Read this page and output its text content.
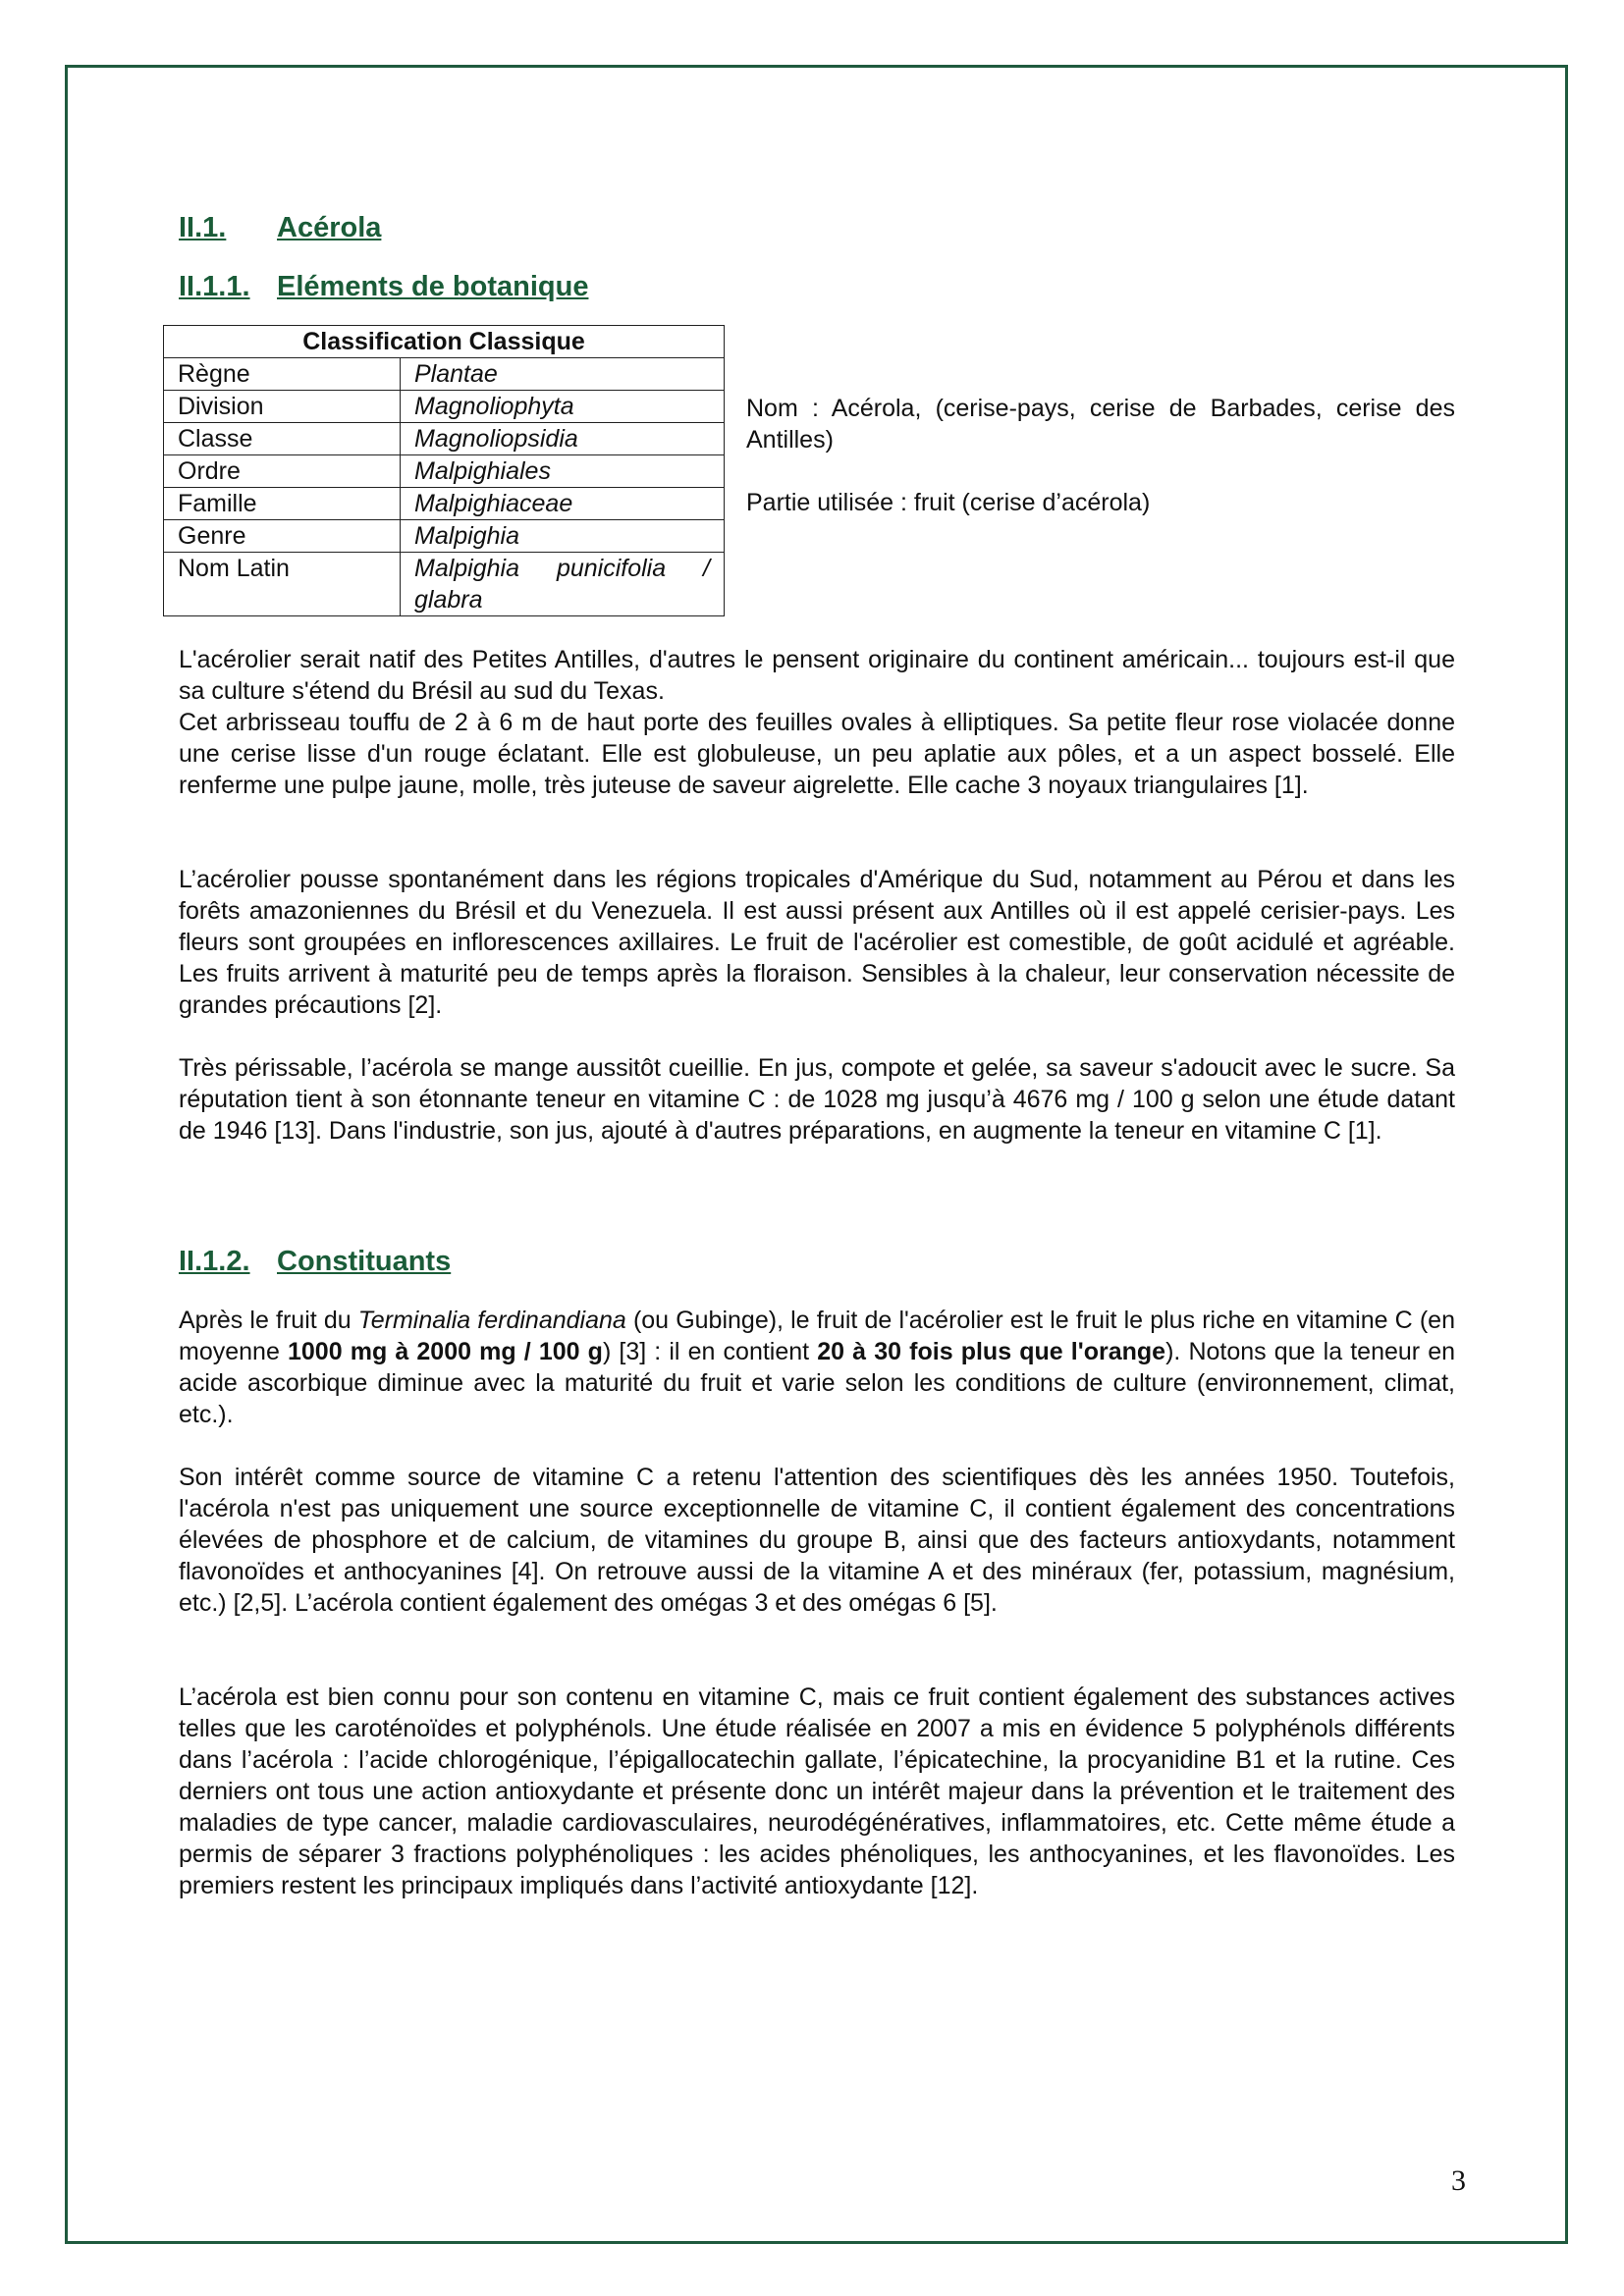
II.1. Acérola
II.1.1. Eléments de botanique
Classification Classique	
Règne	Plantae
Division	Magnoliophyta
Classe	Magnoliopsidia
Ordre	Malpighiales
Famille	Malpighiaceae
Genre	Malpighia
Nom Latin	Malpighia punicifolia /
glabra

Nom : Acérola, (cerise-pays, cerise de Barbades, cerise des Antilles)

Partie utilisée : fruit (cerise d’acérola)

L'acérolier serait natif des Petites Antilles, d'autres le pensent originaire du continent américain... toujours est-il que sa culture s'étend du Brésil au sud du Texas.

Cet arbrisseau touffu de 2 à 6 m de haut porte des feuilles ovales à elliptiques. Sa petite fleur rose violacée donne une cerise lisse d'un rouge éclatant. Elle est globuleuse, un peu aplatie aux pôles, et a un aspect bosselé. Elle renferme une pulpe jaune, molle, très juteuse de saveur aigrelette. Elle cache 3 noyaux triangulaires [1].

L’acérolier pousse spontanément dans les régions tropicales d'Amérique du Sud, notamment au Pérou et dans les forêts amazoniennes du Brésil et du Venezuela. Il est aussi présent aux Antilles où il est appelé cerisier-pays. Les fleurs sont groupées en inflorescences axillaires. Le fruit de l'acérolier est comestible, de goût acidulé et agréable. Les fruits arrivent à maturité peu de temps après la floraison. Sensibles à la chaleur, leur conservation nécessite de grandes précautions [2].

Très périssable, l’acérola se mange aussitôt cueillie. En jus, compote et gelée, sa saveur s'adoucit avec le sucre. Sa réputation tient à son étonnante teneur en vitamine C : de 1028 mg jusqu’à 4676 mg / 100 g selon une étude datant de 1946 [13]. Dans l'industrie, son jus, ajouté à d'autres préparations, en augmente la teneur en vitamine C [1].

II.1.2. Constituants

Après le fruit du Terminalia ferdinandiana (ou Gubinge), le fruit de l'acérolier est le fruit le plus riche en vitamine C (en moyenne 1000 mg à 2000 mg / 100 g) [3] : il en contient 20 à 30 fois plus que l'orange). Notons que la teneur en acide ascorbique diminue avec la maturité du fruit et varie selon les conditions de culture (environnement, climat, etc.).

Son intérêt comme source de vitamine C a retenu l'attention des scientifiques dès les années 1950. Toutefois, l'acérola n'est pas uniquement une source exceptionnelle de vitamine C, il contient également des concentrations élevées de phosphore et de calcium, de vitamines du groupe B, ainsi que des facteurs antioxydants, notamment flavonoïdes et anthocyanines [4]. On retrouve aussi de la vitamine A et des minéraux (fer, potassium, magnésium, etc.) [2,5]. L’acérola contient également des omégas 3 et des omégas 6 [5].

L’acérola est bien connu pour son contenu en vitamine C, mais ce fruit contient également des substances actives telles que les caroténoïdes et polyphénols. Une étude réalisée en 2007 a mis en évidence 5 polyphénols différents dans l’acérola : l’acide chlorogénique, l’épigallocatechin gallate, l’épicatechine, la procyanidine B1 et la rutine. Ces derniers ont tous une action antioxydante et présente donc un intérêt majeur dans la prévention et le traitement des maladies de type cancer, maladie cardiovasculaires, neurodégénératives, inflammatoires, etc. Cette même étude a permis de séparer 3 fractions polyphénoliques : les acides phénoliques, les anthocyanines, et les flavonoïdes. Les premiers restent les principaux impliqués dans l’activité antioxydante [12].

3
